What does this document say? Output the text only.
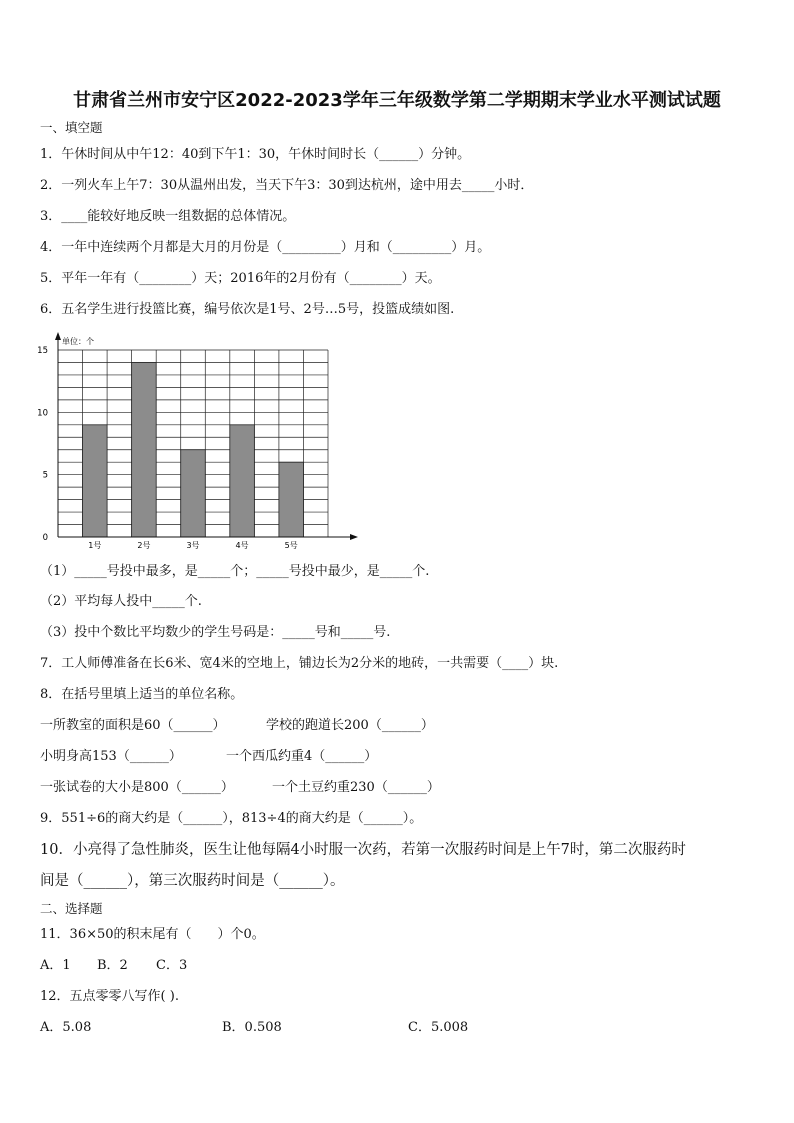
甘肃省兰州市安宁区2022-2023学年三年级数学第二学期期末学业水平测试试题
一、填空题
1．午休时间从中午12：40到下午1：30，午休时间时长（______）分钟。
2．一列火车上午7：30从温州出发，当天下午3：30到达杭州，途中用去_____小时．
3．____能较好地反映一组数据的总体情况。
4．一年中连续两个月都是大月的月份是（_________）月和（_________）月。
5．平年一年有（________）天；2016年的2月份有（________）天。
6．五名学生进行投篮比赛，编号依次是1号、2号…5号，投篮成绩如图.
1号	2号	3号	4号	5号
0
5
10
15
单位：个
（1）_____号投中最多，是_____个；_____号投中最少，是_____个.
（2）平均每人投中_____个.
（3）投中个数比平均数少的学生号码是：_____号和_____号.
7．工人师傅准备在长6米、宽4米的空地上，铺边长为2分米的地砖，一共需要（____）块.
8．在括号里填上适当的单位名称。
一所教室的面积是60（______）	学校的跑道长200（______）
小明身高153（______）	一个西瓜约重4（______）
一张试卷的大小是800（______）	一个土豆约重230（______）
9．551÷6的商大约是（______），813÷4的商大约是（______）。
10．小亮得了急性肺炎，医生让他每隔4小时服一次药，若第一次服药时间是上午7时，第二次服药时
间是（______），第三次服药时间是（______）。
二、选择题
11．36×50的积末尾有（　　）个0。
A．1 B．2 C．3
12．五点零零八写作( ).
A．5.08	B．0.508	C．5.008
